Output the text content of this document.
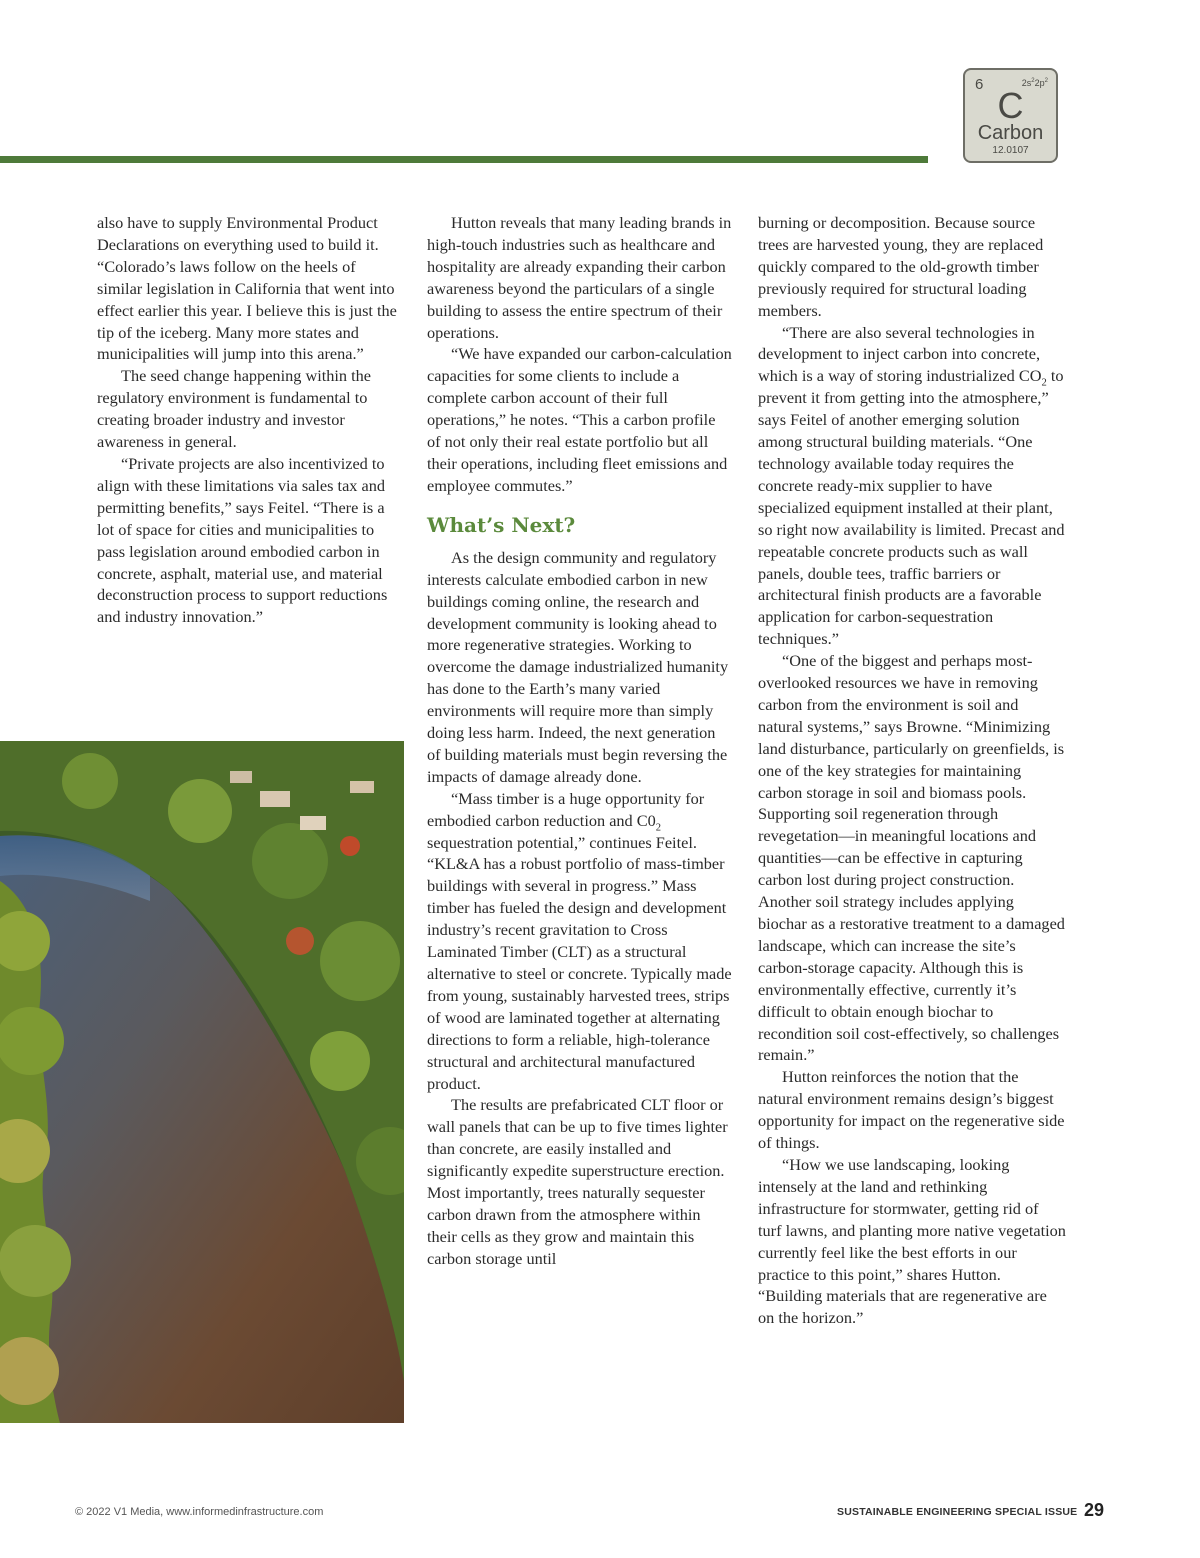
6	$2s^22p^2$
C
Carbon
12.0107

also have to supply Environmental Product Declarations on everything used to build it. “Colorado’s laws follow on the heels of similar legislation in California that went into effect earlier this year. I believe this is just the tip of the iceberg. Many more states and municipalities will jump into this arena.”

The seed change happening within the regulatory environment is fundamental to creating broader industry and investor awareness in general.

“Private projects are also incentivized to align with these limitations via sales tax and permitting benefits,” says Feitel. “There is a lot of space for cities and municipalities to pass legislation around embodied carbon in concrete, asphalt, material use, and material deconstruction process to support reductions and industry innovation.”

Hutton reveals that many leading brands in high-touch industries such as healthcare and hospitality are already expanding their carbon awareness beyond the particulars of a single building to assess the entire spectrum of their operations.

“We have expanded our carbon-calculation capacities for some clients to include a complete carbon account of their full operations,” he notes. “This a carbon profile of not only their real estate portfolio but all their operations, including fleet emissions and employee commutes.”

What’s Next?

As the design community and regulatory interests calculate embodied carbon in new buildings coming online, the research and development community is looking ahead to more regenerative strategies. Working to overcome the damage industrialized humanity has done to the Earth’s many varied environments will require more than simply doing less harm. Indeed, the next generation of building materials must begin reversing the impacts of damage already done.

“Mass timber is a huge opportunity for embodied carbon reduction and $C0_2$ sequestration potential,” continues Feitel. “KL&A has a robust portfolio of mass-timber buildings with several in progress.” Mass timber has fueled the design and development industry’s recent gravitation to Cross Laminated Timber (CLT) as a structural alternative to steel or concrete. Typically made from young, sustainably harvested trees, strips of wood are laminated together at alternating directions to form a reliable, high-tolerance structural and architectural manufactured product.

The results are prefabricated CLT floor or wall panels that can be up to five times lighter than concrete, are easily installed and significantly expedite superstructure erection. Most importantly, trees naturally sequester carbon drawn from the atmosphere within their cells as they grow and maintain this carbon storage until

burning or decomposition. Because source trees are harvested young, they are replaced quickly compared to the old-growth timber previously required for structural loading members.

“There are also several technologies in development to inject carbon into concrete, which is a way of storing industrialized $CO_2$ to prevent it from getting into the atmosphere,” says Feitel of another emerging solution among structural building materials. “One technology available today requires the concrete ready-mix supplier to have specialized equipment installed at their plant, so right now availability is limited. Precast and repeatable concrete products such as wall panels, double tees, traffic barriers or architectural finish products are a favorable application for carbon-sequestration techniques.”

“One of the biggest and perhaps most-overlooked resources we have in removing carbon from the environment is soil and natural systems,” says Browne. “Minimizing land disturbance, particularly on greenfields, is one of the key strategies for maintaining carbon storage in soil and biomass pools. Supporting soil regeneration through revegetation—in meaningful locations and quantities—can be effective in capturing carbon lost during project construction. Another soil strategy includes applying biochar as a restorative treatment to a damaged landscape, which can increase the site’s carbon-storage capacity. Although this is environmentally effective, currently it’s difficult to obtain enough biochar to recondition soil cost-effectively, so challenges remain.”

Hutton reinforces the notion that the natural environment remains design’s biggest opportunity for impact on the regenerative side of things.

“How we use landscaping, looking intensely at the land and rethinking infrastructure for stormwater, getting rid of turf lawns, and planting more native vegetation currently feel like the best efforts in our practice to this point,” shares Hutton. “Building materials that are regenerative are on the horizon.”

© 2022 V1 Media, www.informedinfrastructure.com	SUSTAINABLE ENGINEERING SPECIAL ISSUE 29
